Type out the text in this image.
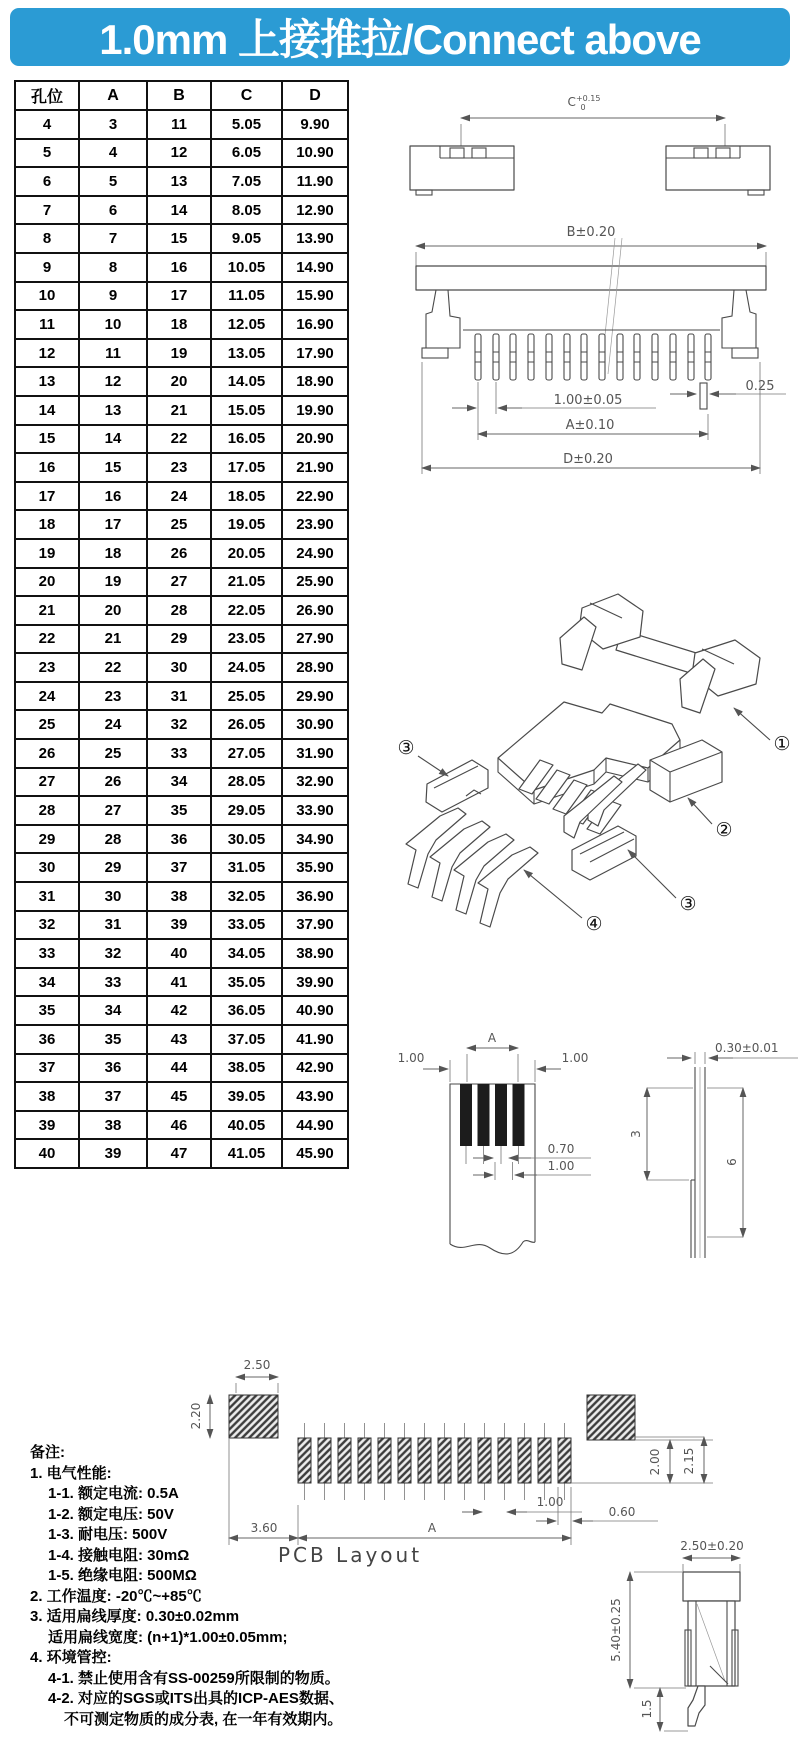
1.0mm 上接推拉/Connect above
孔位	A	B	C	D
4	3	11	5.05	9.90
5	4	12	6.05	10.90
6	5	13	7.05	11.90
7	6	14	8.05	12.90
8	7	15	9.05	13.90
9	8	16	10.05	14.90
10	9	17	11.05	15.90
11	10	18	12.05	16.90
12	11	19	13.05	17.90
13	12	20	14.05	18.90
14	13	21	15.05	19.90
15	14	22	16.05	20.90
16	15	23	17.05	21.90
17	16	24	18.05	22.90
18	17	25	19.05	23.90
19	18	26	20.05	24.90
20	19	27	21.05	25.90
21	20	28	22.05	26.90
22	21	29	23.05	27.90
23	22	30	24.05	28.90
24	23	31	25.05	29.90
25	24	32	26.05	30.90
26	25	33	27.05	31.90
27	26	34	28.05	32.90
28	27	35	29.05	33.90
29	28	36	30.05	34.90
30	29	37	31.05	35.90
31	30	38	32.05	36.90
32	31	39	33.05	37.90
33	32	40	34.05	38.90
34	33	41	35.05	39.90
35	34	42	36.05	40.90
36	35	43	37.05	41.90
37	36	44	38.05	42.90
38	37	45	39.05	43.90
39	38	46	40.05	44.90
40	39	47	41.05	45.90
$C^{+0.15}$ 0
B±0.20
1.00±0.05
0.25
A±0.10
D±0.20
①
②
③
③
④
A
1.00	1.00
0.70
1.00
0.30±0.01
3
6
2.50
2.20
2.00 2.15
1.00
0.60
3.60	A
PCB Layout	2.50±0.20
5.40±0.25
1.5
备注:
1. 电气性能:
1-1. 额定电流: 0.5A
1-2. 额定电压: 50V
1-3. 耐电压: 500V
1-4. 接触电阻: 30mΩ
1-5. 绝缘电阻: 500MΩ
2. 工作温度: -20℃~+85℃
3. 适用扁线厚度: 0.30±0.02mm
适用扁线宽度: (n+1)*1.00±0.05mm;
4. 环境管控:
4-1. 禁止使用含有SS-00259所限制的物质。
4-2. 对应的SGS或ITS出具的ICP-AES数据、
不可测定物质的成分表, 在一年有效期内。
